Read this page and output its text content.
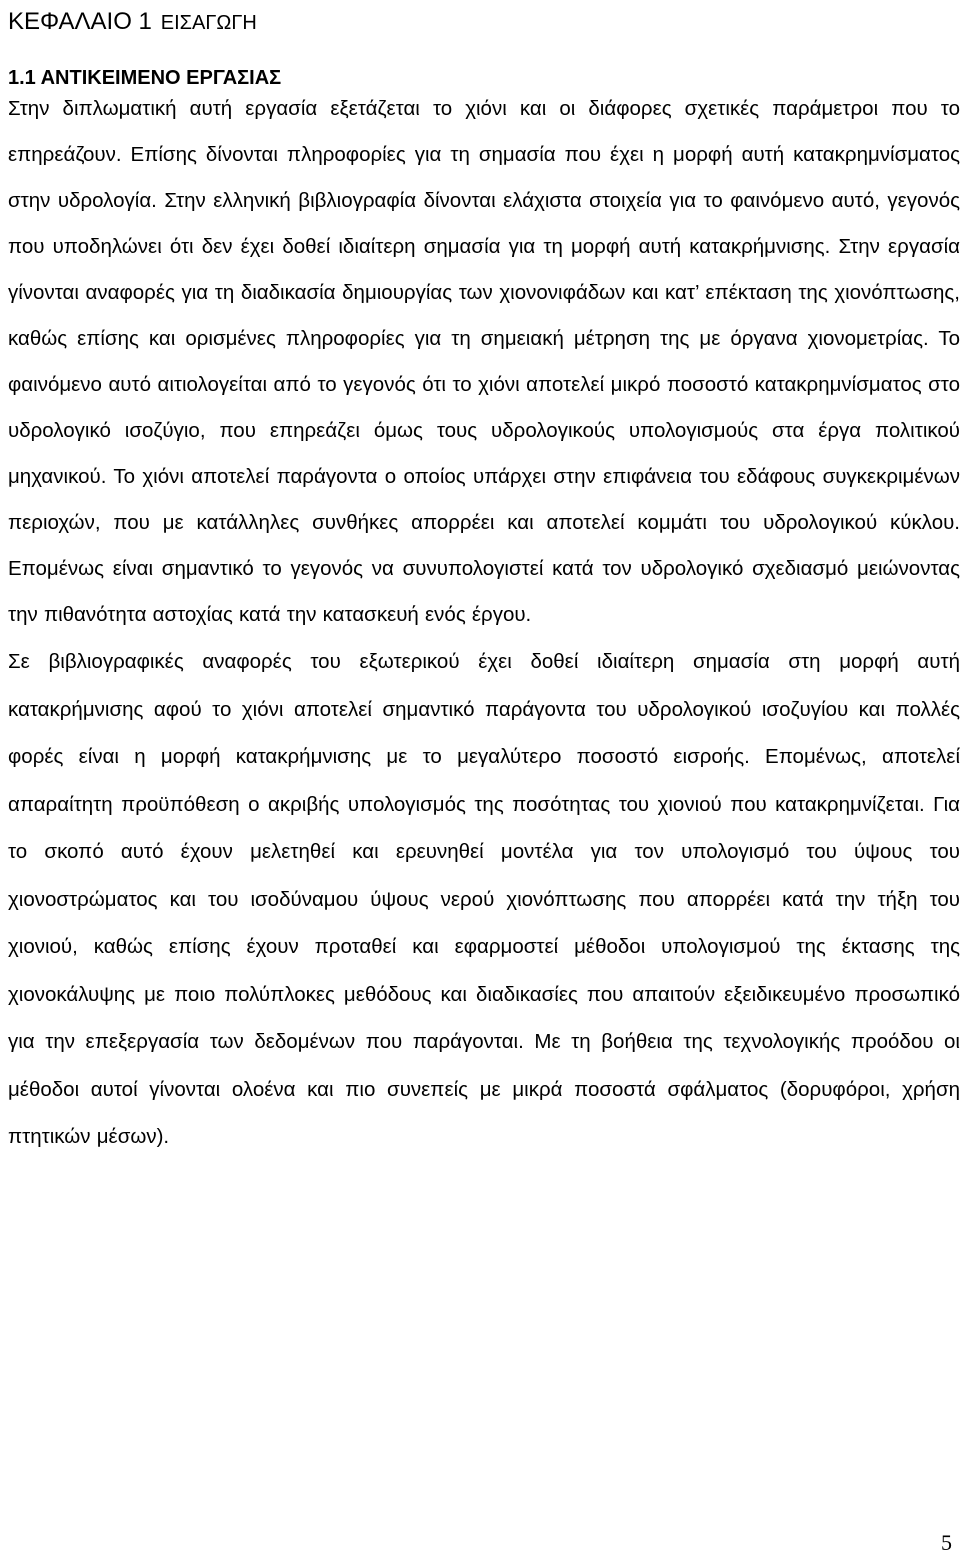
ΚΕΦΑΛΑΙΟ 1 ΕΙΣΑΓΩΓΗ
1.1 ΑΝΤΙΚΕΙΜΕΝΟ ΕΡΓΑΣΙΑΣ

Στην διπλωματική αυτή εργασία εξετάζεται το χιόνι και οι διάφορες σχετικές παράμετροι που το επηρεάζουν. Επίσης δίνονται πληροφορίες για τη σημασία που έχει η μορφή αυτή κατακρημνίσματος στην υδρολογία. Στην ελληνική βιβλιογραφία δίνονται ελάχιστα στοιχεία για το φαινόμενο αυτό, γεγονός που υποδηλώνει ότι δεν έχει δοθεί ιδιαίτερη σημασία για τη μορφή αυτή κατακρήμνισης. Στην εργασία γίνονται αναφορές για τη διαδικασία δημιουργίας των χιονονιφάδων και κατ’ επέκταση της χιονόπτωσης, καθώς επίσης και ορισμένες πληροφορίες για τη σημειακή μέτρηση της με όργανα χιονομετρίας. Το φαινόμενο αυτό αιτιολογείται από το γεγονός ότι το χιόνι αποτελεί μικρό ποσοστό κατακρημνίσματος στο υδρολογικό ισοζύγιο, που επηρεάζει όμως τους υδρολογικούς υπολογισμούς στα έργα πολιτικού μηχανικού. Το χιόνι αποτελεί παράγοντα ο οποίος υπάρχει στην επιφάνεια του εδάφους συγκεκριμένων περιοχών, που με κατάλληλες συνθήκες απορρέει και αποτελεί κομμάτι του υδρολογικού κύκλου. Επομένως είναι σημαντικό το γεγονός να συνυπολογιστεί κατά τον υδρολογικό σχεδιασμό μειώνοντας την πιθανότητα αστοχίας κατά την κατασκευή ενός έργου.

Σε βιβλιογραφικές αναφορές του εξωτερικού έχει δοθεί ιδιαίτερη σημασία στη μορφή αυτή κατακρήμνισης αφού το χιόνι αποτελεί σημαντικό παράγοντα του υδρολογικού ισοζυγίου και πολλές φορές είναι η μορφή κατακρήμνισης με το μεγαλύτερο ποσοστό εισροής. Επομένως, αποτελεί απαραίτητη προϋπόθεση ο ακριβής υπολογισμός της ποσότητας του χιονιού που κατακρημνίζεται. Για το σκοπό αυτό έχουν μελετηθεί και ερευνηθεί μοντέλα για τον υπολογισμό του ύψους του χιονοστρώματος και του ισοδύναμου ύψους νερού χιονόπτωσης που απορρέει κατά την τήξη του χιονιού, καθώς επίσης έχουν προταθεί και εφαρμοστεί μέθοδοι υπολογισμού της έκτασης της χιονοκάλυψης με ποιο πολύπλοκες μεθόδους και διαδικασίες που απαιτούν εξειδικευμένο προσωπικό για την επεξεργασία των δεδομένων που παράγονται. Με τη βοήθεια της τεχνολογικής προόδου οι μέθοδοι αυτοί γίνονται ολοένα και πιο συνεπείς με μικρά ποσοστά σφάλματος (δορυφόροι, χρήση πτητικών μέσων).

5
